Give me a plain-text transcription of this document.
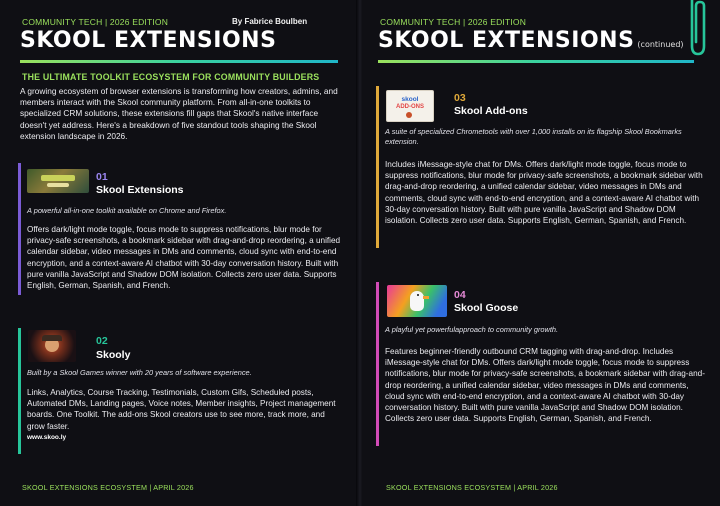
COMMUNITY TECH | 2026 EDITION	By Fabrice Boulben
SKOOL EXTENSIONS
THE ULTIMATE TOOLKIT ECOSYSTEM FOR COMMUNITY BUILDERS
A growing ecosystem of browser extensions is transforming how creators, admins, and members interact with the Skool community platform. From all-in-one toolkits to specialized CRM solutions, these extensions fill gaps that Skool's native interface doesn't yet address. Here's a breakdown of five standout tools shaping the Skool extension landscape in 2026.
01
Skool Extensions
A powerful all-in-one toolkit available on Chrome and Firefox.
Offers dark/light mode toggle, focus mode to suppress notifications, blur mode for privacy-safe screenshots, a bookmark sidebar with drag-and-drop reordering, a unified calendar sidebar, video messages in DMs and comments, cloud sync with end-to-end encryption, and a context-aware AI chatbot with 30-day conversation history. Built with pure vanilla JavaScript and Shadow DOM isolation. Collects zero user data. Supports English, German, Spanish, and French.
02
Skooly
Built by a Skool Games winner with 20 years of software experience.
Links, Analytics, Course Tracking, Testimonials, Custom Gifs, Scheduled posts, Automated DMs, Landing pages, Voice notes, Member insights, Project management boards. One Toolkit. The add-ons Skool creators use to see more, track more, and grow faster.
www.skoo.ly
SKOOL EXTENSIONS ECOSYSTEM | APRIL 2026
COMMUNITY TECH | 2026 EDITION
SKOOL EXTENSIONS (continued)
skool
ADD-ONS
03
Skool Add-ons
A suite of specialized Chrometools with over 1,000 installs on its flagship Skool Bookmarks extension.
Includes iMessage-style chat for DMs. Offers dark/light mode toggle, focus mode to suppress notifications, blur mode for privacy-safe screenshots, a bookmark sidebar with drag-and-drop reordering, a unified calendar sidebar, video messages in DMs and comments, cloud sync with end-to-end encryption, and a context-aware AI chatbot with 30-day conversation history. Built with pure vanilla JavaScript and Shadow DOM isolation. Collects zero user data. Supports English, German, Spanish, and French.
04
Skool Goose
A playful yet powerfulapproach to community growth.
Features beginner-friendly outbound CRM tagging with drag-and-drop. Includes iMessage-style chat for DMs. Offers dark/light mode toggle, focus mode to suppress notifications, blur mode for privacy-safe screenshots, a bookmark sidebar with drag-and-drop reordering, a unified calendar sidebar, video messages in DMs and comments, cloud sync with end-to-end encryption, and a context-aware AI chatbot with 30-day conversation history. Built with pure vanilla JavaScript and Shadow DOM isolation. Collects zero user data. Supports English, German, Spanish, and French.
SKOOL EXTENSIONS ECOSYSTEM | APRIL 2026
